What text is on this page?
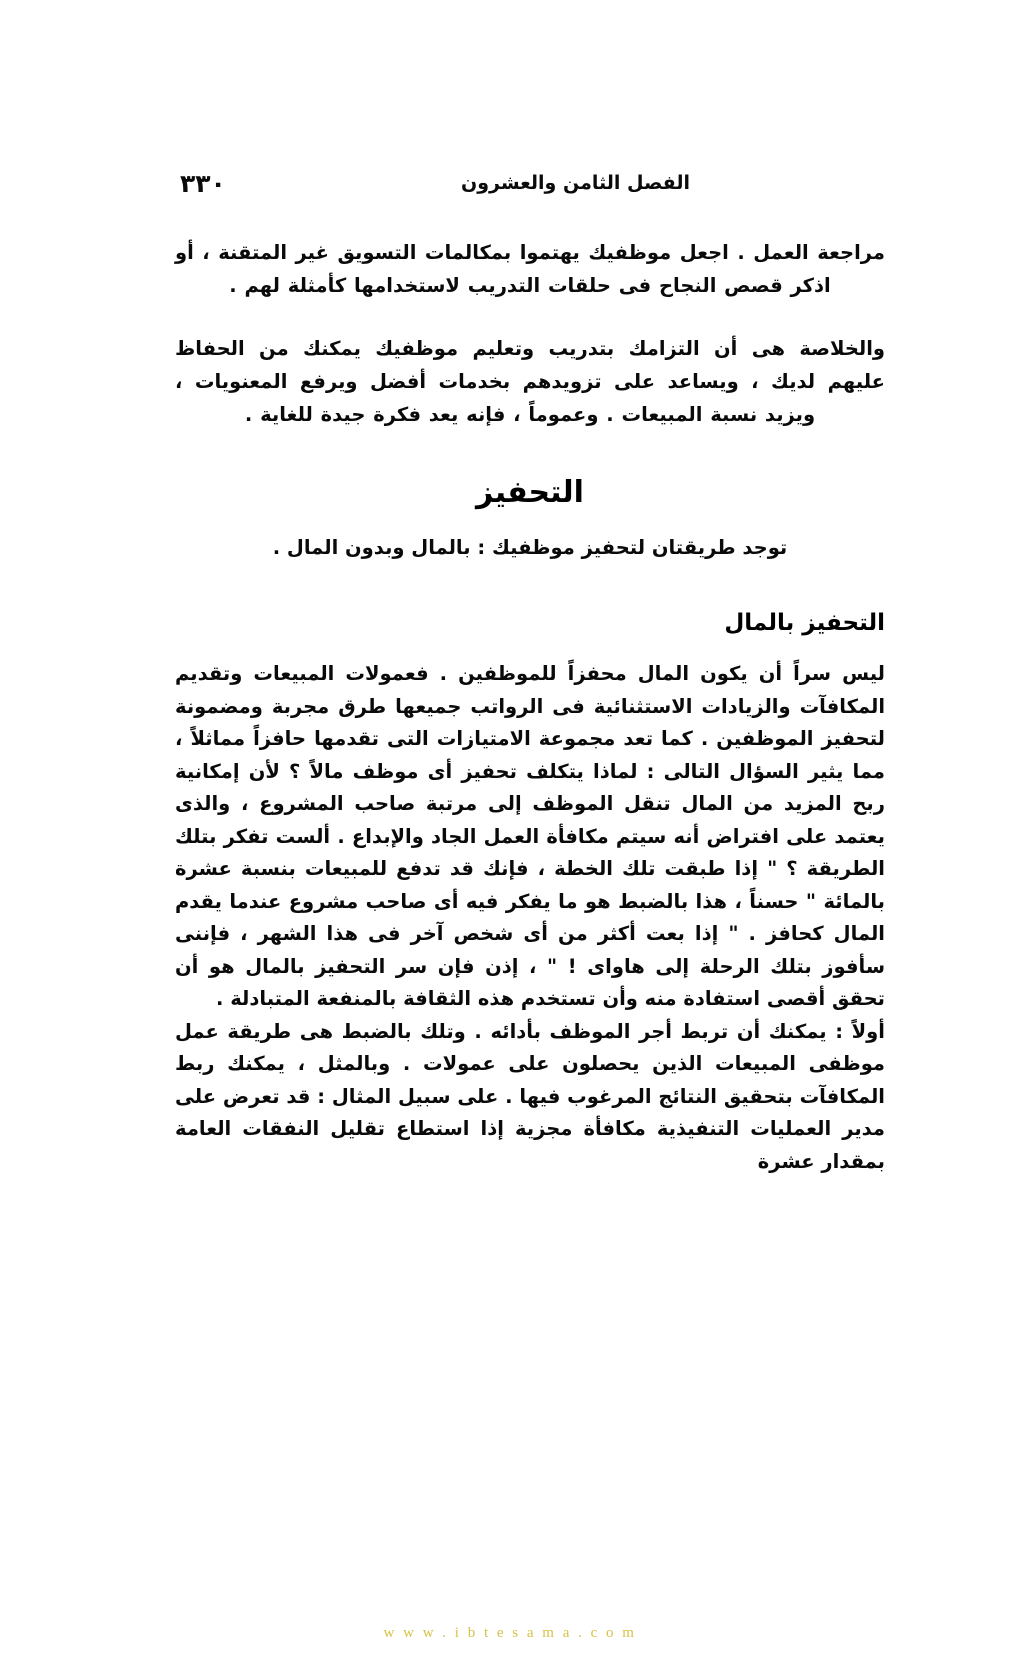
٣٣٠	الفصل الثامن والعشرون

مراجعة العمل . اجعل موظفيك يهتموا بمكالمات التسويق غير المتقنة ، أو اذكر قصص النجاح فى حلقات التدريب لاستخدامها كأمثلة لهم .

والخلاصة هى أن التزامك بتدريب وتعليم موظفيك يمكنك من الحفاظ عليهم لديك ، ويساعد على تزويدهم بخدمات أفضل ويرفع المعنويات ، ويزيد نسبة المبيعات . وعموماً ، فإنه يعد فكرة جيدة للغاية .

التحفيز

توجد طريقتان لتحفيز موظفيك : بالمال وبدون المال .

التحفيز بالمال

ليس سراً أن يكون المال محفزاً للموظفين . فعمولات المبيعات وتقديم المكافآت والزيادات الاستثنائية فى الرواتب جميعها طرق مجربة ومضمونة لتحفيز الموظفين . كما تعد مجموعة الامتيازات التى تقدمها حافزاً مماثلاً ، مما يثير السؤال التالى : لماذا يتكلف تحفيز أى موظف مالاً ؟ لأن إمكانية ربح المزيد من المال تنقل الموظف إلى مرتبة صاحب المشروع ، والذى يعتمد على افتراض أنه سيتم مكافأة العمل الجاد والإبداع . ألست تفكر بتلك الطريقة ؟ " إذا طبقت تلك الخطة ، فإنك قد تدفع للمبيعات بنسبة عشرة بالمائة " حسناً ، هذا بالضبط هو ما يفكر فيه أى صاحب مشروع عندما يقدم المال كحافز . " إذا بعت أكثر من أى شخص آخر فى هذا الشهر ، فإننى سأفوز بتلك الرحلة إلى هاواى ! " ، إذن فإن سر التحفيز بالمال هو أن تحقق أقصى استفادة منه وأن تستخدم هذه الثقافة بالمنفعة المتبادلة .

أولاً : يمكنك أن تربط أجر الموظف بأدائه . وتلك بالضبط هى طريقة عمل موظفى المبيعات الذين يحصلون على عمولات . وبالمثل ، يمكنك ربط المكافآت بتحقيق النتائج المرغوب فيها . على سبيل المثال : قد تعرض على مدير العمليات التنفيذية مكافأة مجزية إذا استطاع تقليل النفقات العامة بمقدار عشرة

w w w . i b t e s a m a . c o m
